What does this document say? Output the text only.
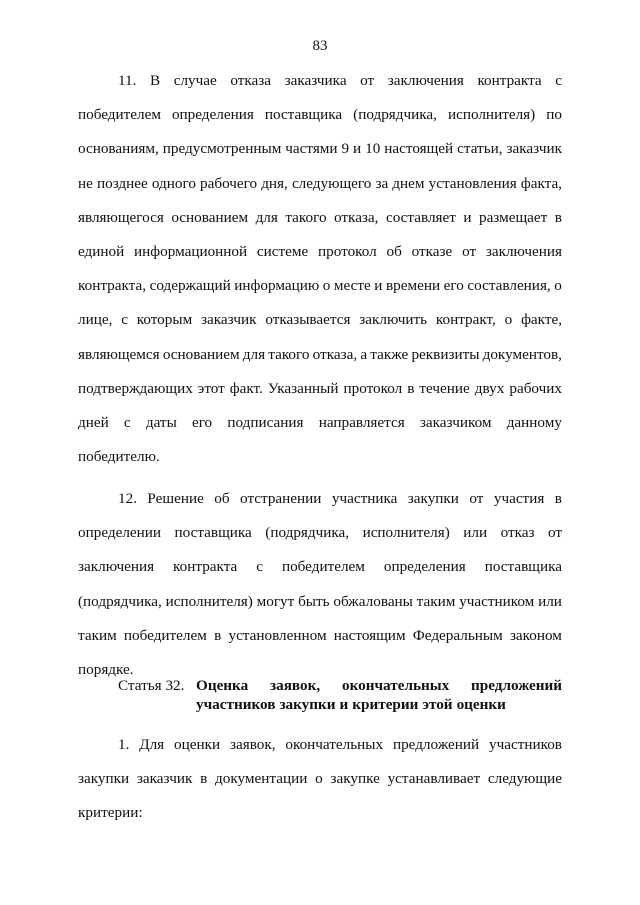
83
11. В случае отказа заказчика от заключения контракта с
победителем определения поставщика (подрядчика, исполнителя) по
основаниям, предусмотренным частями 9 и 10 настоящей статьи, заказчик
не позднее одного рабочего дня, следующего за днем установления факта,
являющегося основанием для такого отказа, составляет и размещает в
единой информационной системе протокол об отказе от заключения
контракта, содержащий информацию о месте и времени его составления, о
лице, с которым заказчик отказывается заключить контракт, о факте,
являющемся основанием для такого отказа, а также реквизиты документов,
подтверждающих этот факт. Указанный протокол в течение двух рабочих
дней с даты его подписания направляется заказчиком данному
победителю.
12. Решение об отстранении участника закупки от участия в
определении поставщика (подрядчика, исполнителя) или отказ от
заключения контракта с победителем определения поставщика
(подрядчика, исполнителя) могут быть обжалованы таким участником или
таким победителем в установленном настоящим Федеральным законом
порядке.
Статья 32. Оценка заявок, окончательных предложений
участников закупки и критерии этой оценки
1. Для оценки заявок, окончательных предложений участников
закупки заказчик в документации о закупке устанавливает следующие
критерии:
